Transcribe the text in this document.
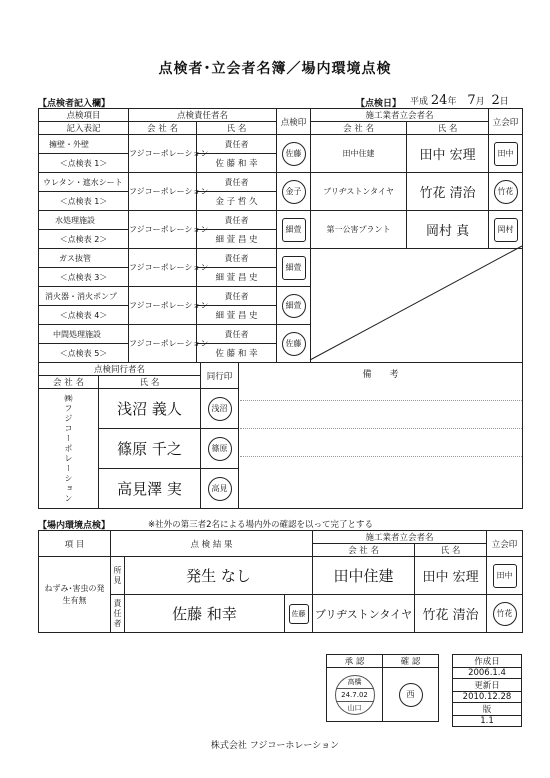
点検者･立会者名簿／場内環境点検
【点検者記入欄】	【点検日】 平成 24年 7月 2日
点検項目	点検責任者名		点検印	施工業者立会者名		立会印
記入表記	会 社 名	氏 名		会 社 名	氏 名	
擁壁・外壁	フジコーポレーション	責任者	佐藤	田中住建	田中 宏理	田中
＜点検表 1＞		佐 藤 和 幸				
ウレタン・遮水シート	フジコーポレーション	責任者	金子	ブリヂストンタイヤ	竹花 清治	竹花
＜点検表 1＞		金 子 哲 久				
水処理施設	フジコーポレーション	責任者	細萱	第一公害プラント	岡村 真	岡村
＜点検表 2＞		細 萱 昌 史				
ガス抜管	フジコーポレーション	責任者	細萱			
＜点検表 3＞		細 萱 昌 史				
消火器・消火ポンプ	フジコーポレーション	責任者	細萱			
＜点検表 4＞		細 萱 昌 史				
中間処理施設	フジコーポレーション	責任者	佐藤			
＜点検表 5＞		佐 藤 和 幸				
点検同行者名		同行印	備　　考
会 社 名	氏 名		
㈱フジコーポレーション	浅沼 義人	浅沼	
	篠原 千之	篠原	
	高見澤 実	高見	
【場内環境点検】	※社外の第三者2名による場内外の確認を以って完了とする
項 目	点 検 結 果			施工業者立会者名		立会印
				会 社 名	氏 名	
ねずみ･害虫の発生有無	所見	発生 なし		田中住建	田中 宏理	田中
	責任者	佐藤 和幸	佐藤	ブリヂストンタイヤ	竹花 清治	竹花
承 認	確 認

高橋
24.7.02
山口	西
作成日
2006.1.4
更新日
2010.12.28
版
1.1
株式会社 フジコーホレーション
